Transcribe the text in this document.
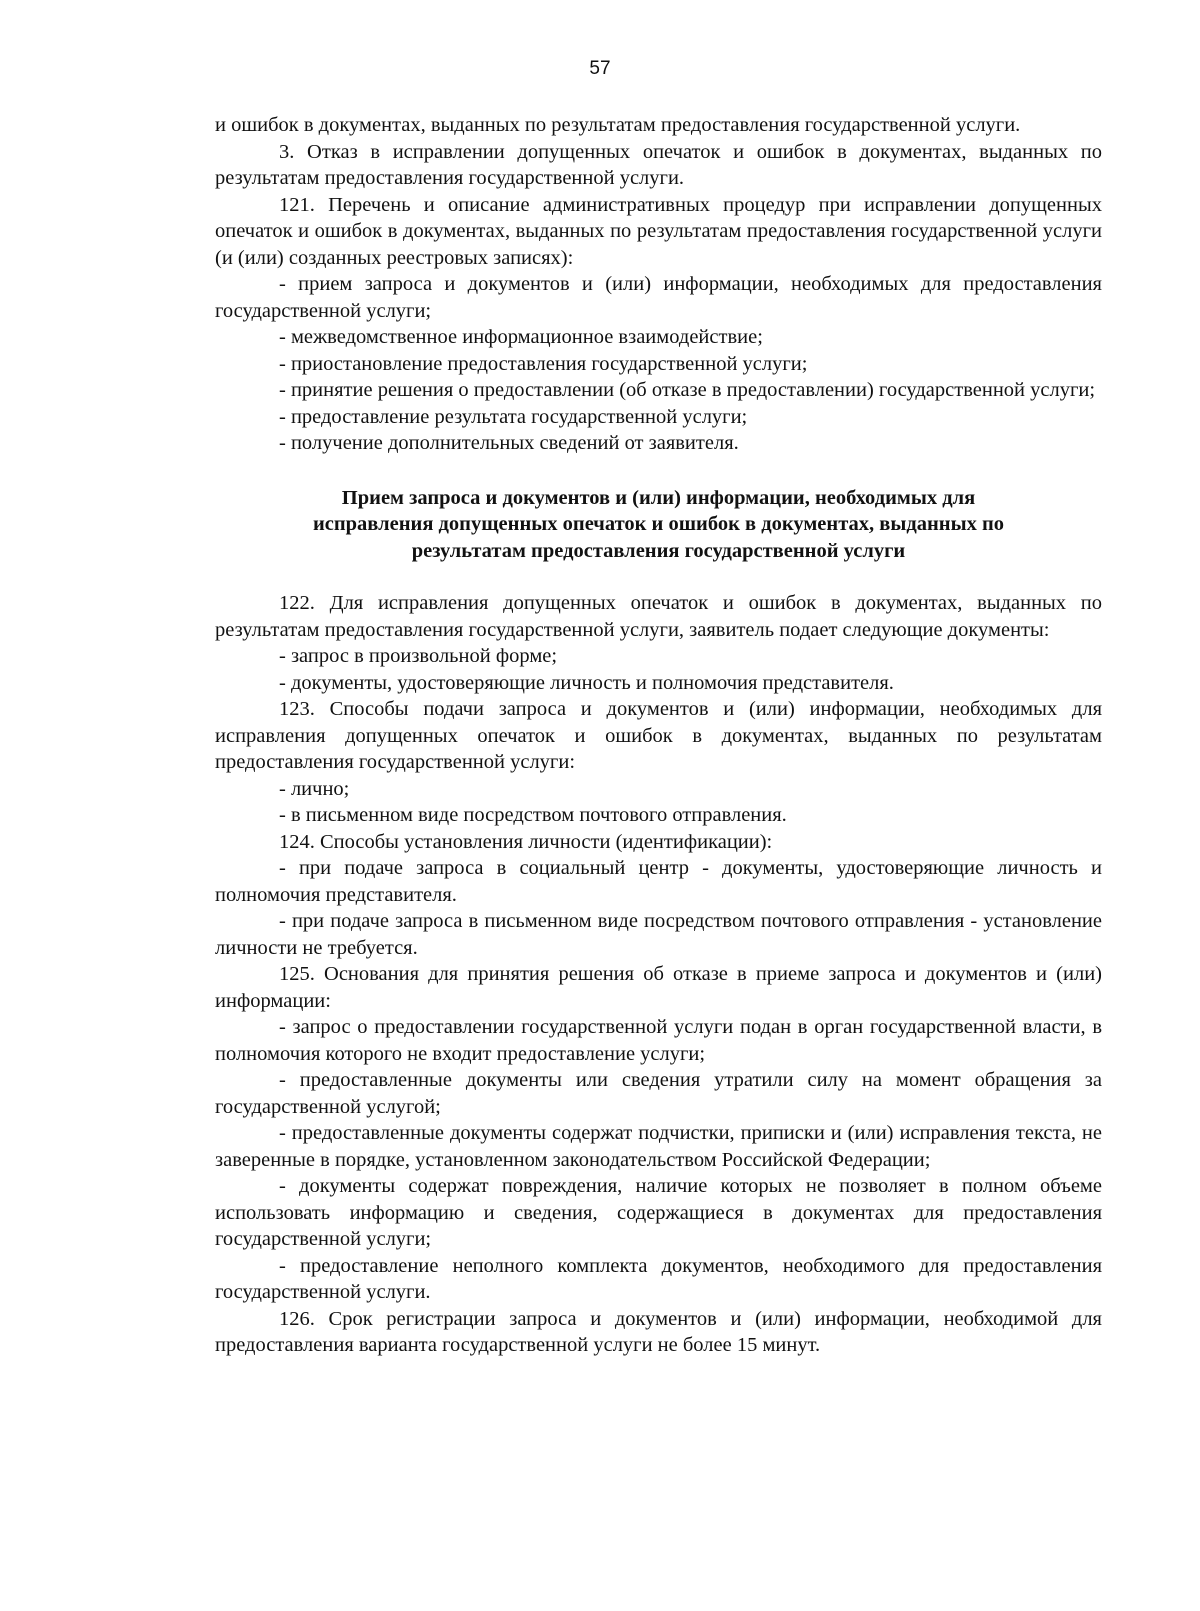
57

и ошибок в документах, выданных по результатам предоставления государственной услуги.

3. Отказ в исправлении допущенных опечаток и ошибок в документах, выданных по результатам предоставления государственной услуги.

121. Перечень и описание административных процедур при исправлении допущенных опечаток и ошибок в документах, выданных по результатам предоставления государственной услуги (и (или) созданных реестровых записях):

- прием запроса и документов и (или) информации, необходимых для предоставления государственной услуги;

- межведомственное информационное взаимодействие;

- приостановление предоставления государственной услуги;

- принятие решения о предоставлении (об отказе в предоставлении) государственной услуги;

- предоставление результата государственной услуги;

- получение дополнительных сведений от заявителя.

Прием запроса и документов и (или) информации, необходимых для
исправления допущенных опечаток и ошибок в документах, выданных по
результатам предоставления государственной услуги

122. Для исправления допущенных опечаток и ошибок в документах, выданных по результатам предоставления государственной услуги, заявитель подает следующие документы:

- запрос в произвольной форме;

- документы, удостоверяющие личность и полномочия представителя.

123. Способы подачи запроса и документов и (или) информации, необходимых для исправления допущенных опечаток и ошибок в документах, выданных по результатам предоставления государственной услуги:

- лично;

- в письменном виде посредством почтового отправления.

124. Способы установления личности (идентификации):

- при подаче запроса в социальный центр - документы, удостоверяющие личность и полномочия представителя.

- при подаче запроса в письменном виде посредством почтового отправления - установление личности не требуется.

125. Основания для принятия решения об отказе в приеме запроса и документов и (или) информации:

- запрос о предоставлении государственной услуги подан в орган государственной власти, в полномочия которого не входит предоставление услуги;

- предоставленные документы или сведения утратили силу на момент обращения за государственной услугой;

- предоставленные документы содержат подчистки, приписки и (или) исправления текста, не заверенные в порядке, установленном законодательством Российской Федерации;

- документы содержат повреждения, наличие которых не позволяет в полном объеме использовать информацию и сведения, содержащиеся в документах для предоставления государственной услуги;

- предоставление неполного комплекта документов, необходимого для предоставления государственной услуги.

126. Срок регистрации запроса и документов и (или) информации, необходимой для предоставления варианта государственной услуги не более 15 минут.
